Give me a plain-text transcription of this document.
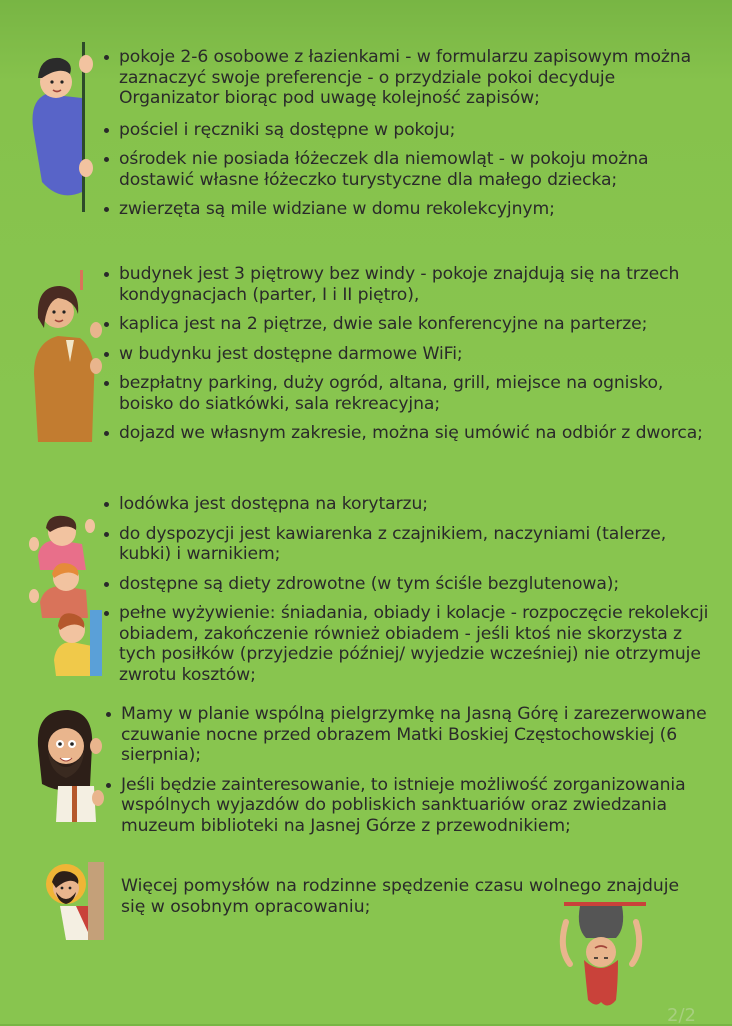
pokoje 2-6 osobowe z łazienkami - w formularzu zapisowym można zaznaczyć swoje preferencje - o przydziale pokoi decyduje Organizator biorąc pod uwagę kolejność zapisów;
pościel i ręczniki są dostępne w pokoju;
ośrodek nie posiada łóżeczek dla niemowląt - w pokoju można dostawić własne łóżeczko turystyczne dla małego dziecka;
zwierzęta są mile widziane w domu rekolekcyjnym;
budynek jest 3 piętrowy bez windy - pokoje znajdują się na trzech kondygnacjach (parter, I i II piętro),
kaplica jest na 2 piętrze, dwie sale konferencyjne na parterze;
w budynku jest dostępne darmowe WiFi;
bezpłatny parking, duży ogród, altana, grill, miejsce na ognisko, boisko do siatkówki, sala rekreacyjna;
dojazd we własnym zakresie, można się umówić na odbiór z dworca;
lodówka jest dostępna na korytarzu;
do dyspozycji jest kawiarenka z czajnikiem, naczyniami (talerze, kubki) i warnikiem;
dostępne są diety zdrowotne (w tym ściśle bezglutenowa);
pełne wyżywienie: śniadania, obiady i kolacje - rozpoczęcie rekolekcji obiadem, zakończenie również obiadem - jeśli ktoś nie skorzysta z tych posiłków (przyjedzie później/ wyjedzie wcześniej) nie otrzymuje zwrotu kosztów;
Mamy w planie wspólną pielgrzymkę na Jasną Górę i zarezerwowane czuwanie nocne przed obrazem Matki Boskiej Częstochowskiej (6 sierpnia);
Jeśli będzie zainteresowanie, to istnieje możliwość zorganizowania wspólnych wyjazdów do pobliskich sanktuariów oraz zwiedzania muzeum biblioteki na Jasnej Górze z przewodnikiem;
Więcej pomysłów na rodzinne spędzenie czasu wolnego znajduje się w osobnym opracowaniu;
2/2
